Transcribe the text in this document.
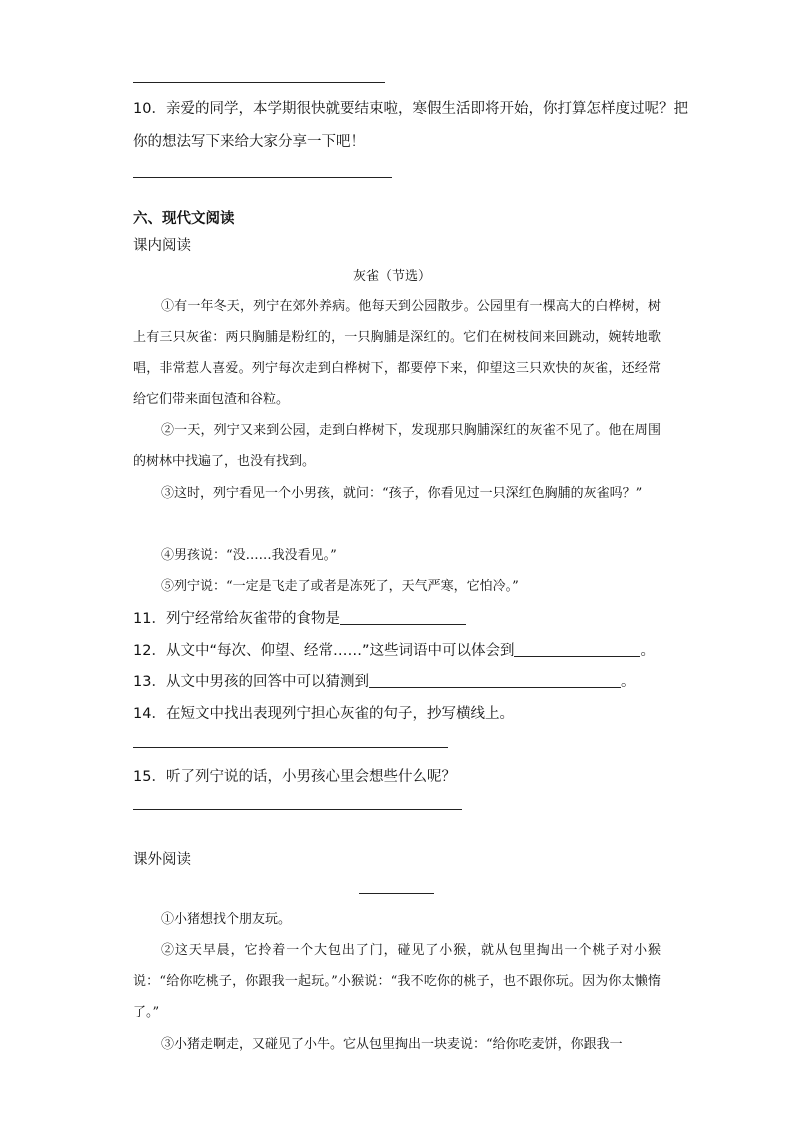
10．亲爱的同学，本学期很快就要结束啦，寒假生活即将开始，你打算怎样度过呢？把
你的想法写下来给大家分享一下吧！
六、现代文阅读
课内阅读
灰雀（节选）
①有一年冬天，列宁在郊外养病。他每天到公园散步。公园里有一棵高大的白桦树，树上有三只灰雀：两只胸脯是粉红的，一只胸脯是深红的。它们在树枝间来回跳动，婉转地歌唱，非常惹人喜爱。列宁每次走到白桦树下，都要停下来，仰望这三只欢快的灰雀，还经常给它们带来面包渣和谷粒。
②一天，列宁又来到公园，走到白桦树下，发现那只胸脯深红的灰雀不见了。他在周围的树林中找遍了，也没有找到。
③这时，列宁看见一个小男孩，就问：“孩子，你看见过一只深红色胸脯的灰雀吗？”
④男孩说：“没……我没看见。”
⑤列宁说：“一定是飞走了或者是冻死了，天气严寒，它怕冷。”
11．列宁经常给灰雀带的食物是
12．从文中“每次、仰望、经常……”这些词语中可以体会到	。
13．从文中男孩的回答中可以猜测到	。
14．在短文中找出表现列宁担心灰雀的句子，抄写横线上。
15．听了列宁说的话，小男孩心里会想些什么呢？
课外阅读
①小猪想找个朋友玩。
②这天早晨，它拎着一个大包出了门，碰见了小猴，就从包里掏出一个桃子对小猴说：“给你吃桃子，你跟我一起玩。”小猴说：“我不吃你的桃子，也不跟你玩。因为你太懒惰了。”
③小猪走啊走，又碰见了小牛。它从包里掏出一块麦说：“给你吃麦饼，你跟我一
